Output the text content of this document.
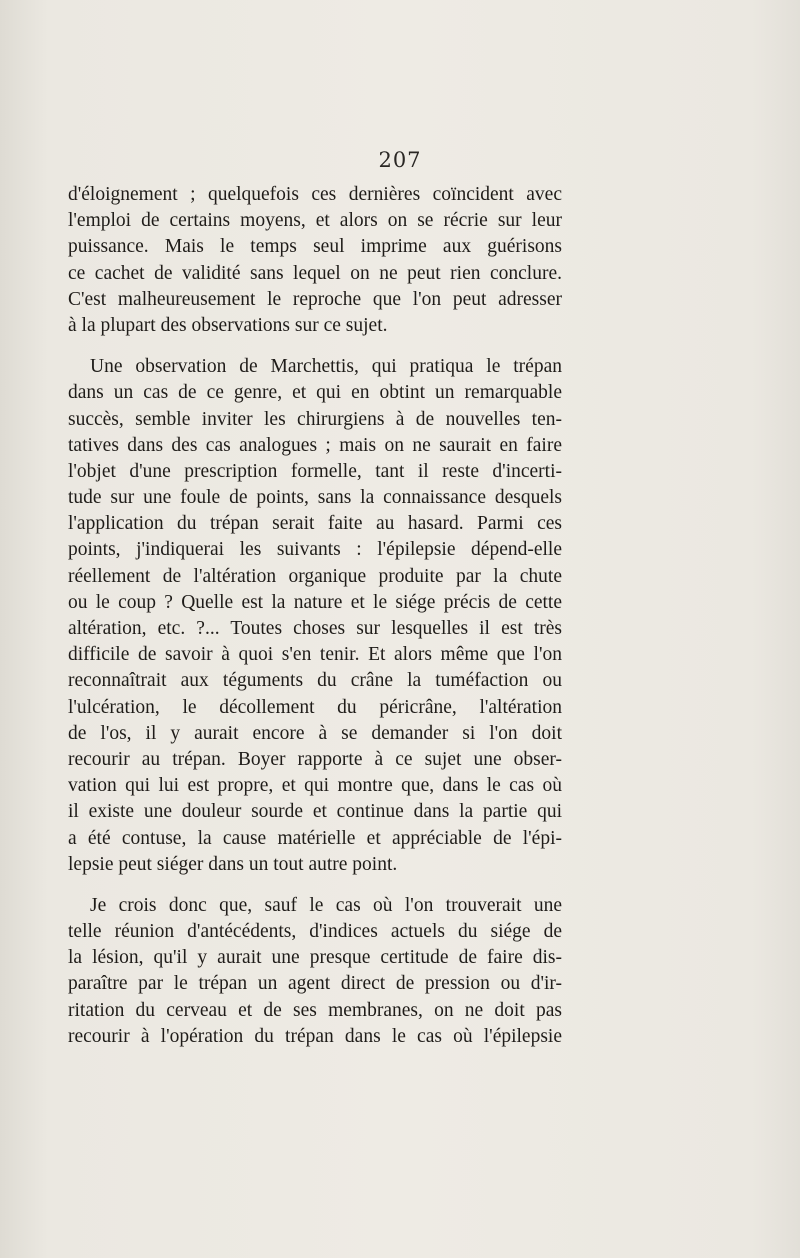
207
d'éloignement ; quelquefois ces dernières coïncident avec
l'emploi de certains moyens, et alors on se récrie sur leur
puissance. Mais le temps seul imprime aux guérisons
ce cachet de validité sans lequel on ne peut rien conclure.
C'est malheureusement le reproche que l'on peut adresser
à la plupart des observations sur ce sujet.
Une observation de Marchettis, qui pratiqua le trépan
dans un cas de ce genre, et qui en obtint un remarquable
succès, semble inviter les chirurgiens à de nouvelles ten-
tatives dans des cas analogues ; mais on ne saurait en faire
l'objet d'une prescription formelle, tant il reste d'incerti-
tude sur une foule de points, sans la connaissance desquels
l'application du trépan serait faite au hasard. Parmi ces
points, j'indiquerai les suivants : l'épilepsie dépend-elle
réellement de l'altération organique produite par la chute
ou le coup ? Quelle est la nature et le siége précis de cette
altération, etc. ?... Toutes choses sur lesquelles il est très
difficile de savoir à quoi s'en tenir. Et alors même que l'on
reconnaîtrait aux téguments du crâne la tuméfaction ou
l'ulcération, le décollement du péricrâne, l'altération
de l'os, il y aurait encore à se demander si l'on doit
recourir au trépan. Boyer rapporte à ce sujet une obser-
vation qui lui est propre, et qui montre que, dans le cas où
il existe une douleur sourde et continue dans la partie qui
a été contuse, la cause matérielle et appréciable de l'épi-
lepsie peut siéger dans un tout autre point.
Je crois donc que, sauf le cas où l'on trouverait une
telle réunion d'antécédents, d'indices actuels du siége de
la lésion, qu'il y aurait une presque certitude de faire dis-
paraître par le trépan un agent direct de pression ou d'ir-
ritation du cerveau et de ses membranes, on ne doit pas
recourir à l'opération du trépan dans le cas où l'épilepsie
